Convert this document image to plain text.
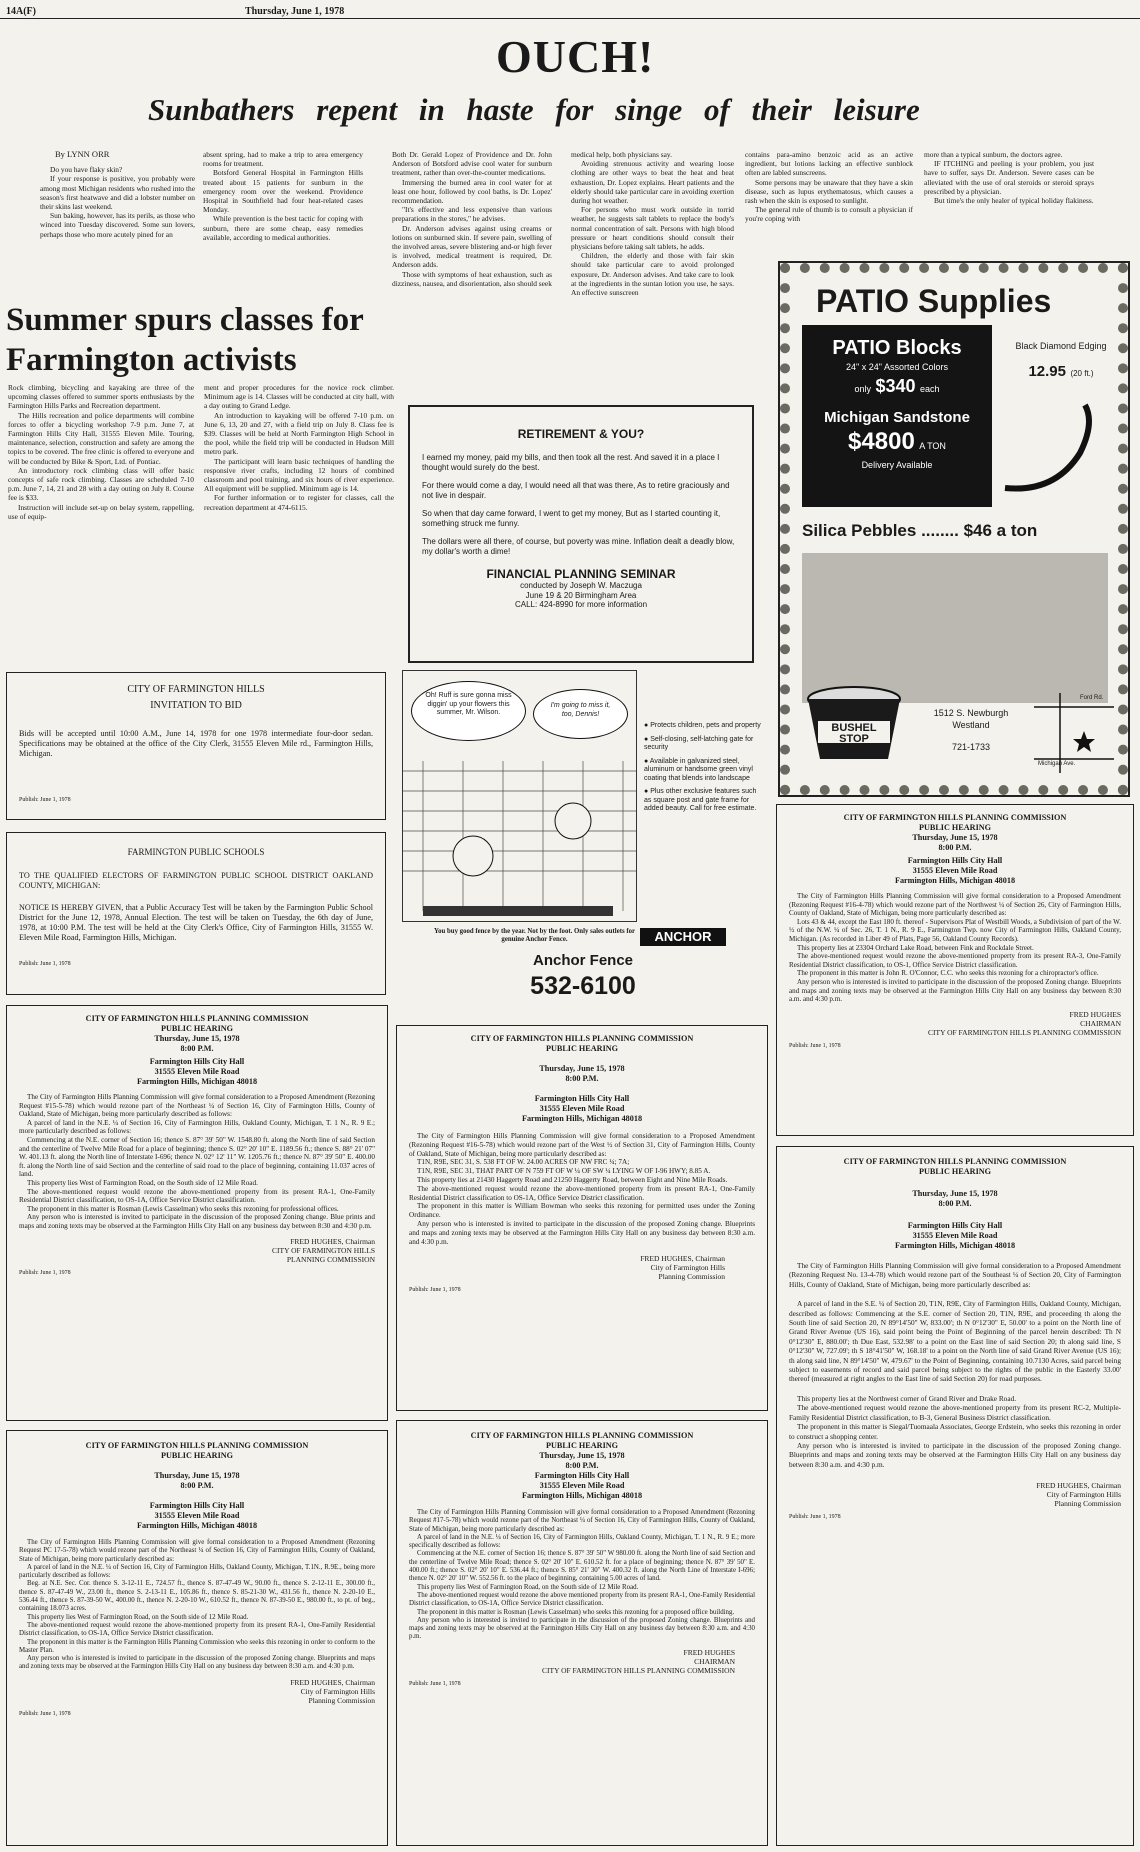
14A(F)	Thursday, June 1, 1978
OUCH!
Sunbathers repent in haste for singe of their leisure
By LYNN ORR

Do you have flaky skin?

If your response is positive, you probably were among most Michigan residents who rushed into the season's first heatwave and did a lobster number on their skins last weekend.

Sun baking, however, has its perils, as those who winced into Tuesday discovered. Some sun lovers, perhaps those who more acutely pined for an

absent spring, had to make a trip to area emergency rooms for treatment.

Botsford General Hospital in Farmington Hills treated about 15 patients for sunburn in the emergency room over the weekend. Providence Hospital in Southfield had four heat-related cases Monday.

While prevention is the best tactic for coping with sunburn, there are some cheap, easy remedies available, according to medical authorities.

Both Dr. Gerald Lopez of Providence and Dr. John Anderson of Botsford advise cool water for sunburn treatment, rather than over-the-counter medications.

Immersing the burned area in cool water for at least one hour, followed by cool baths, is Dr. Lopez' recommendation.

"It's effective and less expensive than various preparations in the stores," he advises.

Dr. Anderson advises against using creams or lotions on sunburned skin. If severe pain, swelling of the involved areas, severe blistering and-or high fever is involved, medical treatment is required, Dr. Anderson adds.

Those with symptoms of heat exhaustion, such as dizziness, nausea, and disorientation, also should seek

medical help, both physicians say.

Avoiding strenuous activity and wearing loose clothing are other ways to beat the heat and heat exhaustion, Dr. Lopez explains. Heart patients and the elderly should take particular care in avoiding exertion during hot weather.

For persons who must work outside in torrid weather, he suggests salt tablets to replace the body's normal concentration of salt. Persons with high blood pressure or heart conditions should consult their physicians before taking salt tablets, he adds.

Children, the elderly and those with fair skin should take particular care to avoid prolonged exposure, Dr. Anderson advises. And take care to look at the ingredients in the suntan lotion you use, he says. An effective sunscreen

contains para-amino benzoic acid as an active ingredient, but lotions lacking an effective sunblock often are labled sunscreens.

Some persons may be unaware that they have a skin disease, such as lupus erythematosus, which causes a rash when the skin is exposed to sunlight.

The general rule of thumb is to consult a physician if you're coping with

more than a typical sunburn, the doctors agree.

IF ITCHING and peeling is your problem, you just have to suffer, says Dr. Anderson. Severe cases can be alleviated with the use of oral steroids or steroid sprays prescribed by a physician.

But time's the only healer of typical holiday flakiness.

Summer spurs classes for Farmington activists

Rock climbing, bicycling and kayaking are three of the upcoming classes offered to summer sports enthusiasts by the Farmington Hills Parks and Recreation department.

The Hills recreation and police departments will combine forces to offer a bicycling workshop 7-9 p.m. June 7, at Farmington Hills City Hall, 31555 Eleven Mile. Touring, maintenance, selection, construction and safety are among the topics to be covered. The free clinic is offered to everyone and will be conducted by Bike & Sport, Ltd. of Pontiac.

An introductory rock climbing class will offer basic concepts of safe rock climbing. Classes are scheduled 7-10 p.m. June 7, 14, 21 and 28 with a day outing on July 8. Course fee is $33.

Instruction will include set-up on belay system, rappelling, use of equip-

ment and proper procedures for the novice rock climber. Minimum age is 14. Classes will be conducted at city hall, with a day outing to Grand Ledge.

An introduction to kayaking will be offered 7-10 p.m. on June 6, 13, 20 and 27, with a field trip on July 8. Class fee is $39. Classes will be held at North Farmington High School in the pool, while the field trip will be conducted in Hudson Mill metro park.

The participant will learn basic techniques of handling the responsive river crafts, including 12 hours of combined classroom and pool training, and six hours of river experience. All equipment will be supplied. Minimum age is 14.

For further information or to register for classes, call the recreation department at 474-6115.

RETIREMENT & YOU?

I earned my money, paid my bills, and then took all the rest. And saved it in a place I thought would surely do the best.

For there would come a day, I would need all that was there, As to retire graciously and not live in despair.

So when that day came forward, I went to get my money, But as I started counting it, something struck me funny.

The dollars were all there, of course, but poverty was mine. Inflation dealt a deadly blow, my dollar's worth a dime!

FINANCIAL PLANNING SEMINAR
conducted by Joseph W. Maczuga
June 19 & 20 Birmingham Area
CALL: 424-8990 for more information
PATIO Supplies
PATIO Blocks
24" x 24" Assorted Colors
only $340 each
Michigan Sandstone
$4800 A TON
Delivery Available
Black Diamond Edging
12.95 (20 ft.)
Silica Pebbles ........ $46 a ton
BUSHEL STOP
1512 S. Newburgh
Westland
721-1733
Ford Rd.
Michigan Ave.
Oh! Ruff is sure gonna miss diggin' up your flowers this summer, Mr. Wilson.
I'm going to miss it, too, Dennis!
● Protects children, pets and property
● Self-closing, self-latching gate for security
● Available in galvanized steel, aluminum or handsome green vinyl coating that blends into landscape
● Plus other exclusive features such as square post and gate frame for added beauty. Call for free estimate.
You buy good fence by the year. Not by the foot. Only sales outlets for genuine Anchor Fence.	ANCHOR
Anchor Fence
532-6100
CITY OF FARMINGTON HILLS
INVITATION TO BID
Bids will be accepted until 10:00 A.M., June 14, 1978 for one 1978 intermediate four-door sedan. Specifications may be obtained at the office of the City Clerk, 31555 Eleven Mile rd., Farmington Hills, Michigan.
Publish: June 1, 1978
FARMINGTON PUBLIC SCHOOLS
TO THE QUALIFIED ELECTORS OF FARMINGTON PUBLIC SCHOOL DISTRICT OAKLAND COUNTY, MICHIGAN:
NOTICE IS HEREBY GIVEN, that a Public Accuracy Test will be taken by the Farmington Public School District for the June 12, 1978, Annual Election. The test will be taken on Tuesday, the 6th day of June, 1978, at 10:00 P.M. The test will be held at the City Clerk's Office, City of Farmington Hills, 31555 W. Eleven Mile Road, Farmington Hills, Michigan.
Publish: June 1, 1978
CITY OF FARMINGTON HILLS PLANNING COMMISSION
PUBLIC HEARING
Thursday, June 15, 1978
8:00 P.M.
Farmington Hills City Hall
31555 Eleven Mile Road
Farmington Hills, Michigan 48018

The City of Farmington Hills Planning Commission will give formal consideration to a Proposed Amendment (Rezoning Request #15-5-78) which would rezone part of the Northeast ¼ of Section 16, City of Farmington Hills, County of Oakland, State of Michigan, being more particularly described as follows:

A parcel of land in the N.E. ¼ of Section 16, City of Farmington Hills, Oakland County, Michigan, T. 1 N., R. 9 E.; more particularly described as follows:

Commencing at the N.E. corner of Section 16; thence S. 87° 39' 50" W. 1548.80 ft. along the North line of said Section and the centerline of Twelve Mile Road for a place of beginning; thence S. 02° 20' 10" E. 1189.56 ft.; thence S. 88° 21' 07" W. 401.13 ft. along the North line of Interstate I-696; thence N. 02° 12' 11" W. 1205.76 ft.; thence N. 87° 39' 50" E. 400.00 ft. along the North line of said Section and the centerline of said road to the place of beginning, containing 11.037 acres of land.

This property lies West of Farmington Road, on the South side of 12 Mile Road.

The above-mentioned request would rezone the above-mentioned property from its present RA-1, One-Family Residential District classification, to OS-1A, Office Service District classification.

The proponent in this matter is Rosman (Lewis Casselman) who seeks this rezoning for professional offices.

Any person who is interested is invited to participate in the discussion of the proposed Zoning change. Blue prints and maps and zoning texts may be observed at the Farmington Hills City Hall on any business day between 8:30 and 4:30 p.m.

FRED HUGHES, Chairman
CITY OF FARMINGTON HILLS
PLANNING COMMISSION
Publish: June 1, 1978
CITY OF FARMINGTON HILLS PLANNING COMMISSION
PUBLIC HEARING
Thursday, June 15, 1978
8:00 P.M.
Farmington Hills City Hall
31555 Eleven Mile Road
Farmington Hills, Michigan 48018

The City of Farmington Hills Planning Commission will give formal consideration to a Proposed Amendment (Rezoning Request #16-5-78) which would rezone part of the West ½ of Section 31, City of Farmington Hills, County of Oakland, State of Michigan, being more particularly described as:

T1N, R9E, SEC 31, S. 538 FT OF W. 24.00 ACRES OF NW FRC ¼; 7A;

T1N, R9E, SEC 31, THAT PART OF N 759 FT OF W ¼ OF SW ¼ LYING W OF I-96 HWY; 8.85 A.

This property lies at 21430 Haggerty Road and 21250 Haggerty Road, between Eight and Nine Mile Roads.

The above-mentioned request would rezone the above-mentioned property from its present RA-1, One-Family Residential District classification to OS-1A, Office Service District classification.

The proponent in this matter is William Bowman who seeks this rezoning for permitted uses under the Zoning Ordinance.

Any person who is interested is invited to participate in the discussion of the proposed Zoning change. Blueprints and maps and zoning texts may be observed at the Farmington Hills City Hall on any business day between 8:30 a.m. and 4:30 p.m.

FRED HUGHES, Chairman
City of Farmington Hills
Planning Commission
Publish: June 1, 1978
CITY OF FARMINGTON HILLS PLANNING COMMISSION
PUBLIC HEARING
Thursday, June 15, 1978
8:00 P.M.
Farmington Hills City Hall
31555 Eleven Mile Road
Farmington Hills, Michigan 48018

The City of Farmington Hills Planning Commission will give formal consideration to a Proposed Amendment (Rezoning Request #16-4-78) which would rezone part of the Northwest ¼ of Section 26, City of Farmington Hills, County of Oakland, State of Michigan, being more particularly described as:

Lots 43 & 44, except the East 180 ft. thereof - Supervisors Plat of Westbill Woods, a Subdivision of part of the W. ½ of the N.W. ¼ of Sec. 26, T. 1 N., R. 9 E., Farmington Twp. now City of Farmington Hills, Oakland County, Michigan. (As recorded in Liber 49 of Plats, Page 56, Oakland County Records).

This property lies at 23304 Orchard Lake Road, between Fink and Rockdale Street.

The above-mentioned request would rezone the above-mentioned property from its present RA-3, One-Family Residential District classification, to OS-1, Office Service District classification.

The proponent in this matter is John R. O'Connor, C.C. who seeks this rezoning for a chiropractor's office.

Any person who is interested is invited to participate in the discussion of the proposed Zoning change. Blueprints and maps and zoning texts may be observed at the Farmington Hills City Hall on any business day between 8:30 a.m. and 4:30 p.m.

FRED HUGHES
CHAIRMAN
CITY OF FARMINGTON HILLS PLANNING COMMISSION
Publish: June 1, 1978
CITY OF FARMINGTON HILLS PLANNING COMMISSION
PUBLIC HEARING
Thursday, June 15, 1978
8:00 P.M.
Farmington Hills City Hall
31555 Eleven Mile Road
Farmington Hills, Michigan 48018

The City of Farmington Hills Planning Commission will give formal consideration to a Proposed Amendment (Rezoning Request No. 13-4-78) which would rezone part of the Southeast ¼ of Section 20, City of Farmington Hills, County of Oakland, State of Michigan, being more particularly described as:

A parcel of land in the S.E. ¼ of Section 20, T1N, R9E, City of Farmington Hills, Oakland County, Michigan, described as follows: Commencing at the S.E. corner of Section 20, T1N, R9E, and proceeding th along the South line of said Section 20, N 89°14'50" W, 833.00'; th N 0°12'30" E, 50.00' to a point on the North line of Grand River Avenue (US 16), said point being the Point of Beginning of the parcel herein described: Th N 0°12'30" E, 880.00'; th Due East, 532.98' to a point on the East line of said Section 20; th along said line, S 0°12'30" W, 727.09'; th S 18°41'50" W, 168.18' to a point on the North line of said Grand River Avenue (US 16); th along said line, N 89°14'50" W, 479.67' to the Point of Beginning, containing 10.7130 Acres, said parcel being subject to easements of record and said parcel being subject to the rights of the public in the Easterly 33.00' thereof (measured at right angles to the East line of said Section 20) for road purposes.

This property lies at the Northwest corner of Grand River and Drake Road.

The above-mentioned request would rezone the above-mentioned property from its present RC-2, Multiple-Family Residential District classification, to B-3, General Business District classification.

The proponent in this matter is Siegal/Tuomaala Associates, George Erdstein, who seeks this rezoning in order to construct a shopping center.

Any person who is interested is invited to participate in the discussion of the proposed Zoning change. Blueprints and maps and zoning texts may be observed at the Farmington Hills City Hall on any business day between 8:30 a.m. and 4:30 p.m.

FRED HUGHES, Chairman
City of Farmington Hills
Planning Commission
Publish: June 1, 1978
CITY OF FARMINGTON HILLS PLANNING COMMISSION
PUBLIC HEARING
Thursday, June 15, 1978
8:00 P.M.
Farmington Hills City Hall
31555 Eleven Mile Road
Farmington Hills, Michigan 48018

The City of Farmington Hills Planning Commission will give formal consideration to a Proposed Amendment (Rezoning Request PC 17-5-78) which would rezone part of the Northeast ¼ of Section 16, City of Farmington Hills, County of Oakland, State of Michigan, being more particularly described as:

A parcel of land in the N.E. ¼ of Section 16, City of Farmington Hills, Oakland County, Michigan, T.1N., R.9E., being more particularly described as follows:

Beg. at N.E. Sec. Cor. thence S. 3-12-11 E., 724.57 ft., thence S. 87-47-49 W., 90.00 ft., thence S. 2-12-11 E., 300.00 ft., thence S. 87-47-49 W., 23.00 ft., thence S. 2-13-11 E., 105.86 ft., thence S. 85-21-30 W., 431.56 ft., thence N. 2-20-10 E., 536.44 ft., thence S. 87-39-50 W., 400.00 ft., thence N. 2-20-10 W., 610.52 ft., thence N. 87-39-50 E., 980.00 ft., to pt. of beg., containing 18.073 acres.

This property lies West of Farmington Road, on the South side of 12 Mile Road.

The above-mentioned request would rezone the above-mentioned property from its present RA-1, One-Family Residential District classification, to OS-1A, Office Service District classification.

The proponent in this matter is the Farmington Hills Planning Commission who seeks this rezoning in order to conform to the Master Plan.

Any person who is interested is invited to participate in the discussion of the proposed Zoning change. Blueprints and maps and zoning texts may be observed at the Farmington Hills City Hall on any business day between 8:30 a.m. and 4:30 p.m.

FRED HUGHES, Chairman
City of Farmington Hills
Planning Commission
Publish: June 1, 1978
CITY OF FARMINGTON HILLS PLANNING COMMISSION
PUBLIC HEARING
Thursday, June 15, 1978
8:00 P.M.
Farmington Hills City Hall
31555 Eleven Mile Road
Farmington Hills, Michigan 48018

The City of Farmington Hills Planning Commission will give formal consideration to a Proposed Amendment (Rezoning Request #17-5-78) which would rezone part of the Northeast ¼ of Section 16, City of Farmington Hills, County of Oakland, State of Michigan, being more particularly described as:

A parcel of land in the N.E. ¼ of Section 16, City of Farmington Hills, Oakland County, Michigan, T. 1 N., R. 9 E.; more specifically described as follows:

Commencing at the N.E. corner of Section 16; thence S. 87° 39' 50" W 980.00 ft. along the North line of said Section and the centerline of Twelve Mile Road; thence S. 02° 20' 10" E. 610.52 ft. for a place of beginning; thence N. 87° 39' 50" E. 400.00 ft.; thence S. 02° 20' 10" E. 536.44 ft.; thence S. 85° 21' 30" W. 400.32 ft. along the North Line of Interstate I-696; thence N. 02° 20' 10" W. 552.56 ft. to the place of beginning, containing 5.00 acres of land.

This property lies West of Farmington Road, on the South side of 12 Mile Road.

The above-mentioned request would rezone the above mentioned property from its present RA-1, One-Family Residential District classification, to OS-1A, Office Service District classification.

The proponent in this matter is Rosman (Lewis Casselman) who seeks this rezoning for a proposed office building.

Any person who is interested is invited to participate in the discussion of the proposed Zoning change. Blueprints and maps and zoning texts may be observed at the Farmington Hills City Hall on any business day between 8:30 a.m. and 4:30 p.m.

FRED HUGHES
CHAIRMAN
CITY OF FARMINGTON HILLS PLANNING COMMISSION
Publish: June 1, 1978
